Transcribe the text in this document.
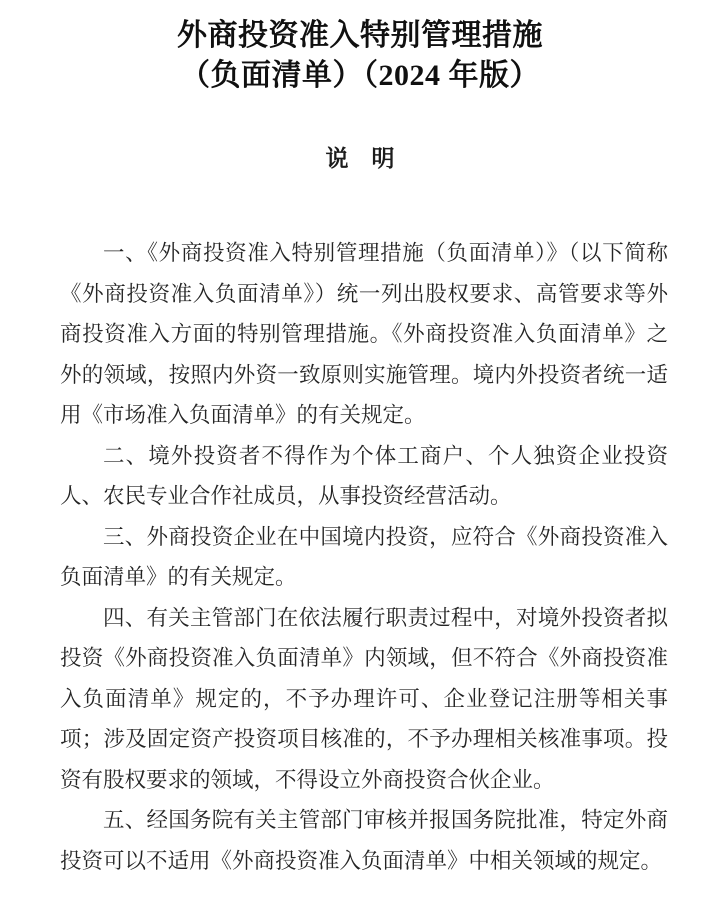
外商投资准入特别管理措施
（负面清单）（2024 年版）
说　明

一、《外商投资准入特别管理措施（负面清单）》（以下简称《外商投资准入负面清单》）统一列出股权要求、高管要求等外商投资准入方面的特别管理措施。《外商投资准入负面清单》之外的领域，按照内外资一致原则实施管理。境内外投资者统一适用《市场准入负面清单》的有关规定。

二、境外投资者不得作为个体工商户、个人独资企业投资人、农民专业合作社成员，从事投资经营活动。

三、外商投资企业在中国境内投资，应符合《外商投资准入负面清单》的有关规定。

四、有关主管部门在依法履行职责过程中，对境外投资者拟投资《外商投资准入负面清单》内领域，但不符合《外商投资准入负面清单》规定的，不予办理许可、企业登记注册等相关事项；涉及固定资产投资项目核准的，不予办理相关核准事项。投资有股权要求的领域，不得设立外商投资合伙企业。

五、经国务院有关主管部门审核并报国务院批准，特定外商投资可以不适用《外商投资准入负面清单》中相关领域的规定。
